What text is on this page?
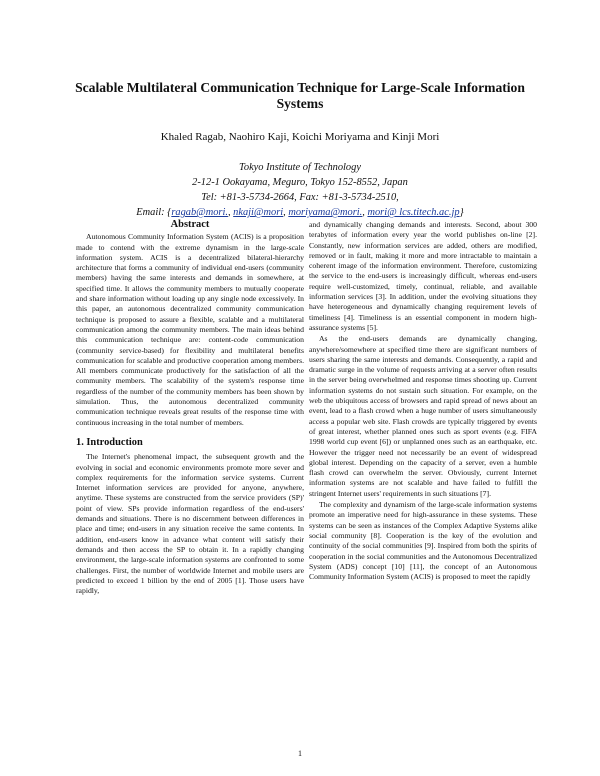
Scalable Multilateral Communication Technique for Large-Scale Information Systems
Khaled Ragab, Naohiro Kaji, Koichi Moriyama and Kinji Mori
Tokyo Institute of Technology
2-12-1 Ookayama, Meguro, Tokyo 152-8552, Japan
Tel: +81-3-5734-2664, Fax: +81-3-5734-2510,
Email: {ragab@mori., nkaji@mori, moriyama@mori., mori@ lcs.titech.ac.jp}
Abstract

Autonomous Community Information System (ACIS) is a proposition made to contend with the extreme dynamism in the large-scale information system. ACIS is a decentralized bilateral-hierarchy architecture that forms a community of individual end-users (community members) having the same interests and demands in somewhere, at specified time. It allows the community members to mutually cooperate and share information without loading up any single node excessively. In this paper, an autonomous decentralized community communication technique is proposed to assure a flexible, scalable and a multilateral communication among the community members. The main ideas behind this communication technique are: content-code communication (community service-based) for flexibility and multilateral benefits communication for scalable and productive cooperation among members. All members communicate productively for the satisfaction of all the community members. The scalability of the system's response time regardless of the number of the community members has been shown by simulation. Thus, the autonomous decentralized community communication technique reveals great results of the response time with continuous increasing in the total number of members.

1. Introduction

The Internet's phenomenal impact, the subsequent growth and the evolving in social and economic environments promote more sever and complex requirements for the information service systems. Current Internet information services are provided for anyone, anywhere, anytime. These systems are constructed from the service providers (SP)' point of view. SPs provide information regardless of the end-users' demands and situations. There is no discernment between differences in place and time; end-users in any situation receive the same contents. In addition, end-users know in advance what content will satisfy their demands and then access the SP to obtain it. In a rapidly changing environment, the large-scale information systems are confronted to some challenges. First, the number of worldwide Internet and mobile users are predicted to exceed 1 billion by the end of 2005 [1]. Those users have rapidly,

and dynamically changing demands and interests. Second, about 300 terabytes of information every year the world publishes on-line [2]. Constantly, new information services are added, others are modified, removed or in fault, making it more and more intractable to maintain a coherent image of the information environment. Therefore, customizing the service to the end-users is increasingly difficult, whereas end-users require well-customized, timely, continual, reliable, and available information services [3]. In addition, under the evolving situations they have heterogeneous and dynamically changing requirement levels of timeliness [4]. Timeliness is an essential component in modern high-assurance systems [5].

As the end-users demands are dynamically changing, anywhere/somewhere at specified time there are significant numbers of users sharing the same interests and demands. Consequently, a rapid and dramatic surge in the volume of requests arriving at a server often results in the server being overwhelmed and response times shooting up. Current information systems do not sustain such situation. For example, on the web the ubiquitous access of browsers and rapid spread of news about an event, lead to a flash crowd when a huge number of users simultaneously access a popular web site. Flash crowds are typically triggered by events of great interest, whether planned ones such as sport events (e.g. FIFA 1998 world cup event [6]) or unplanned ones such as an earthquake, etc. However the trigger need not necessarily be an event of widespread global interest. Depending on the capacity of a server, even a humble flash crowd can overwhelm the server. Obviously, current Internet information systems are not scalable and have failed to fulfill the stringent Internet users' requirements in such situations [7].

The complexity and dynamism of the large-scale information systems promote an imperative need for high-assurance in these systems. These systems can be seen as instances of the Complex Adaptive Systems alike social community [8]. Cooperation is the key of the evolution and continuity of the social communities [9]. Inspired from both the spirits of cooperation in the social communities and the Autonomous Decentralized System (ADS) concept [10] [11], the concept of an Autonomous Community Information System (ACIS) is proposed to meet the rapidly

1
